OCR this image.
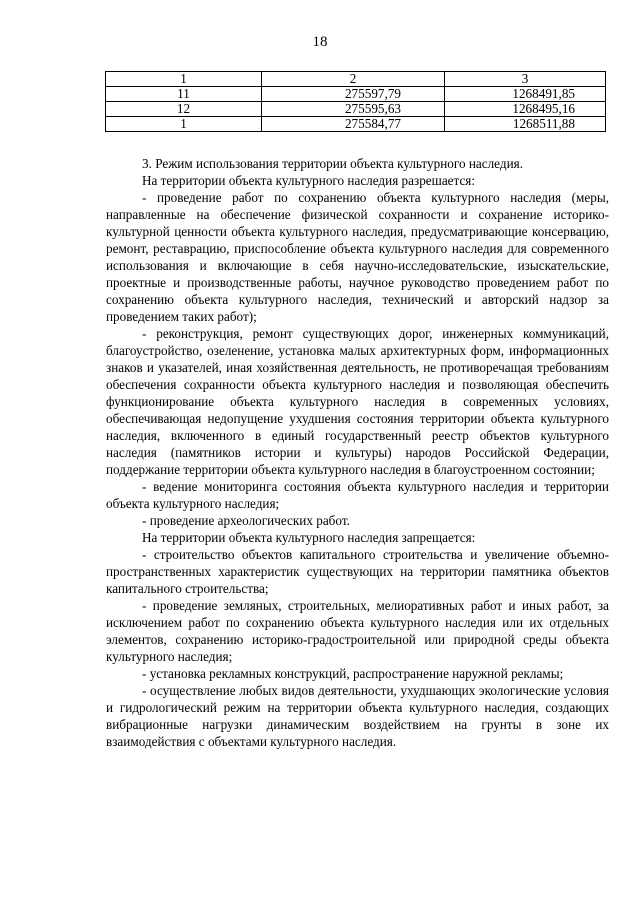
18
1	2	3
11	275597,79	1268491,85
12	275595,63	1268495,16
1	275584,77	1268511,88

3. Режим использования территории объекта культурного наследия.

На территории объекта культурного наследия разрешается:

- проведение работ по сохранению объекта культурного наследия (меры, направленные на обеспечение физической сохранности и сохранение историко-культурной ценности объекта культурного наследия, предусматривающие консервацию, ремонт, реставрацию, приспособление объекта культурного наследия для современного использования и включающие в себя научно-исследовательские, изыскательские, проектные и производственные работы, научное руководство проведением работ по сохранению объекта культурного наследия, технический и авторский надзор за проведением таких работ);

- реконструкция, ремонт существующих дорог, инженерных коммуникаций, благоустройство, озеленение, установка малых архитектурных форм, информационных знаков и указателей, иная хозяйственная деятельность, не противоречащая требованиям обеспечения сохранности объекта культурного наследия и позволяющая обеспечить функционирование объекта культурного наследия в современных условиях, обеспечивающая недопущение ухудшения состояния территории объекта культурного наследия, включенного в единый государственный реестр объектов культурного наследия (памятников истории и культуры) народов Российской Федерации, поддержание территории объекта культурного наследия в благоустроенном состоянии;

- ведение мониторинга состояния объекта культурного наследия и территории объекта культурного наследия;

- проведение археологических работ.

На территории объекта культурного наследия запрещается:

- строительство объектов капитального строительства и увеличение объемно-пространственных характеристик существующих на территории памятника объектов капитального строительства;

- проведение земляных, строительных, мелиоративных работ и иных работ, за исключением работ по сохранению объекта культурного наследия или их отдельных элементов, сохранению историко-градостроительной или природной среды объекта культурного наследия;

- установка рекламных конструкций, распространение наружной рекламы;

- осуществление любых видов деятельности, ухудшающих экологические условия и гидрологический режим на территории объекта культурного наследия, создающих вибрационные нагрузки динамическим воздействием на грунты в зоне их взаимодействия с объектами культурного наследия.
